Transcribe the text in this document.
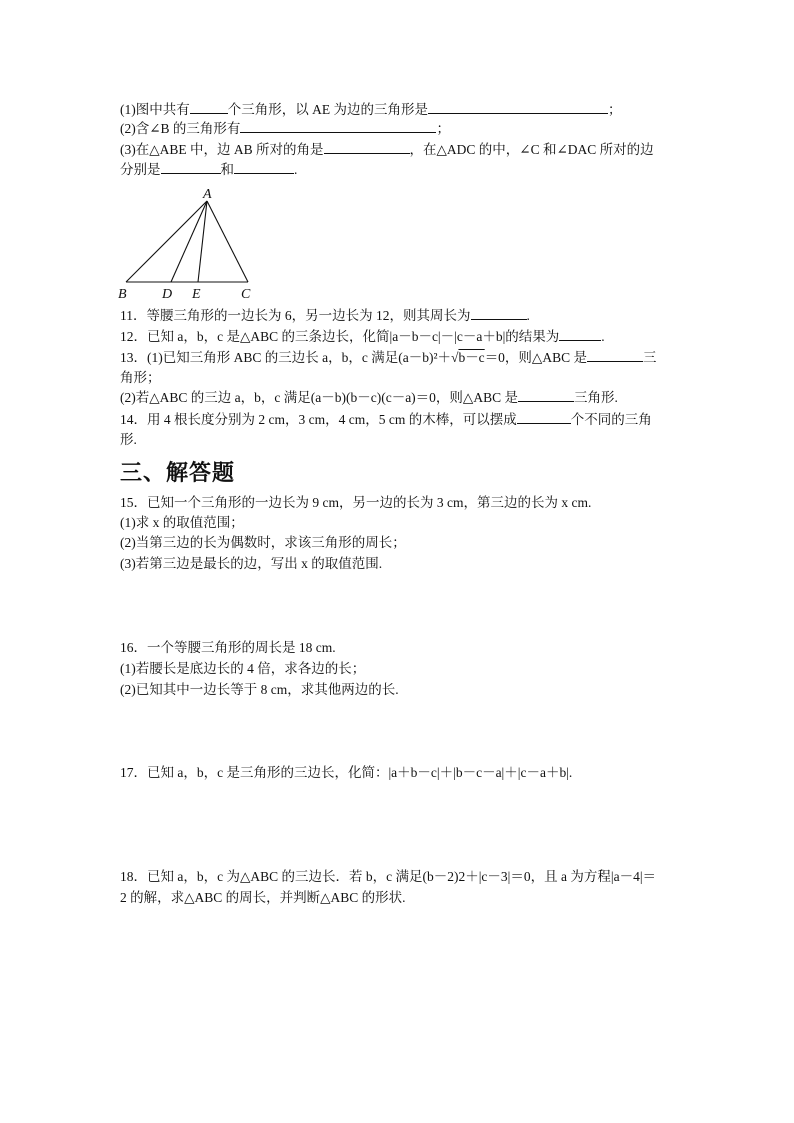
(1)图中共有	个三角形，以 AE 为边的三角形是	；
(2)含∠B 的三角形有	；
(3)在△ABE 中，边 AB 所对的角是	，在△ADC 的中，∠C 和∠DAC 所对的边
分别是	和	.
A
B	D E	C
11．等腰三角形的一边长为 6，另一边长为 12，则其周长为	.
12．已知 a，b，c 是△ABC 的三条边长，化简|a－b－c|－|c－a＋b|的结果为	.
13．(1)已知三角形 ABC 的三边长 a，b，c 满足(a－b)²＋√b－c＝0，则△ABC 是	三
角形；
(2)若△ABC 的三边 a，b，c 满足(a－b)(b－c)(c－a)＝0，则△ABC 是	三角形.
14．用 4 根长度分别为 2 cm，3 cm，4 cm，5 cm 的木棒，可以摆成	个不同的三角
形.
三、解答题
15．已知一个三角形的一边长为 9 cm，另一边的长为 3 cm，第三边的长为 x cm.
(1)求 x 的取值范围；
(2)当第三边的长为偶数时，求该三角形的周长；
(3)若第三边是最长的边，写出 x 的取值范围.
16．一个等腰三角形的周长是 18 cm.
(1)若腰长是底边长的 4 倍，求各边的长；
(2)已知其中一边长等于 8 cm，求其他两边的长.
17．已知 a，b，c 是三角形的三边长，化简：|a＋b－c|＋|b－c－a|＋|c－a＋b|.
18．已知 a，b，c 为△ABC 的三边长．若 b，c 满足(b－2)2＋|c－3|＝0，且 a 为方程|a－4|＝
2 的解，求△ABC 的周长，并判断△ABC 的形状.
